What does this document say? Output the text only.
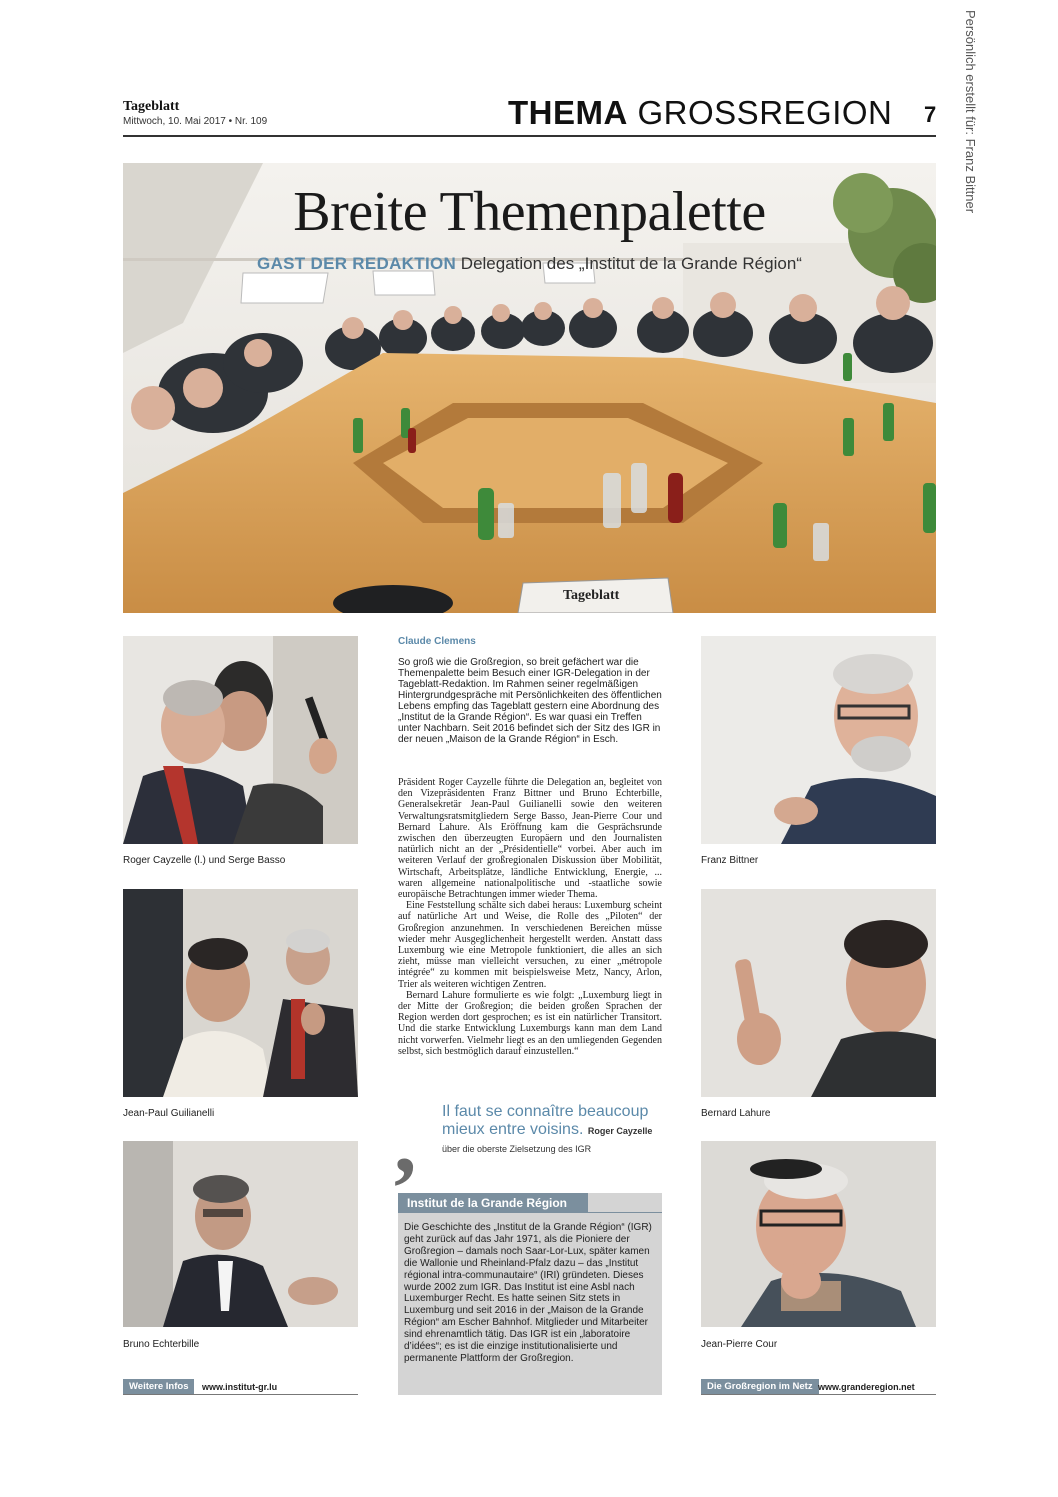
Tageblatt
Mittwoch, 10. Mai 2017 • Nr. 109	THEMA GROSSREGION 7 Persönlich erstellt für: Franz Bittner
Tageblatt
Breite Themenpalette
GAST DER REDAKTION Delegation des „Institut de la Grande Région“
Roger Cayzelle (l.) und Serge Basso
Jean-Paul Guilianelli
Bruno Echterbille
Franz Bittner
Bernard Lahure
Jean-Pierre Cour
Claude Clemens
So groß wie die Großregion, so breit gefächert war die Themenpalette beim Besuch einer IGR-Delegation in der Tageblatt-Redaktion. Im Rahmen seiner regelmäßigen Hintergrundgespräche mit Persönlichkeiten des öffentlichen Lebens empfing das Tageblatt gestern eine Abordnung des „Institut de la Grande Région“. Es war quasi ein Treffen unter Nachbarn. Seit 2016 befindet sich der Sitz des IGR in der neuen „Maison de la Grande Région“ in Esch.

Präsident Roger Cayzelle führte die Delegation an, begleitet von den Vizepräsidenten Franz Bittner und Bruno Echterbille, Generalsekretär Jean-Paul Guilianelli sowie den weiteren Verwaltungsratsmitgliedern Serge Basso, Jean-Pierre Cour und Bernard Lahure. Als Eröffnung kam die Gesprächsrunde zwischen den überzeugten Europäern und den Journalisten natürlich nicht an der „Présidentielle“ vorbei. Aber auch im weiteren Verlauf der großregionalen Diskussion über Mobilität, Wirtschaft, Arbeitsplätze, ländliche Entwicklung, Energie, ... waren allgemeine nationalpolitische und -staatliche sowie europäische Betrachtungen immer wieder Thema.

Eine Feststellung schälte sich dabei heraus: Luxemburg scheint auf natürliche Art und Weise, die Rolle des „Piloten“ der Großregion anzunehmen. In verschiedenen Bereichen müsse wieder mehr Ausgeglichenheit hergestellt werden. Anstatt dass Luxemburg wie eine Metropole funktioniert, die alles an sich zieht, müsse man vielleicht versuchen, zu einer „métropole intégrée“ zu kommen mit beispielsweise Metz, Nancy, Arlon, Trier als weiteren wichtigen Zentren.

Bernard Lahure formulierte es wie folgt: „Luxemburg liegt in der Mitte der Großregion; die beiden großen Sprachen der Region werden dort gesprochen; es ist ein natürlicher Transitort. Und die starke Entwicklung Luxemburgs kann man dem Land nicht vorwerfen. Vielmehr liegt es an den umliegenden Gegenden selbst, sich bestmöglich darauf einzustellen.“

, Il faut se connaître beaucoup mieux entre voisins. Roger Cayzelle über die oberste Zielsetzung des IGR
Institut de la Grande Région
Die Geschichte des „Institut de la Grande Région“ (IGR) geht zurück auf das Jahr 1971, als die Pioniere der Großregion – damals noch Saar-Lor-Lux, später kamen die Wallonie und Rheinland-Pfalz dazu – das „Institut régional intra-communautaire“ (IRI) gründeten. Dieses wurde 2002 zum IGR. Das Institut ist eine Asbl nach Luxemburger Recht. Es hatte seinen Sitz stets in Luxemburg und seit 2016 in der „Maison de la Grande Région“ am Escher Bahnhof. Mitglieder und Mitarbeiter sind ehrenamtlich tätig. Das IGR ist ein „laboratoire d’idées“; es ist die einzige institutionalisierte und permanente Plattform der Großregion.
Weitere Infos	www.institut-gr.lu	Die Großregion im Netz www.granderegion.net
